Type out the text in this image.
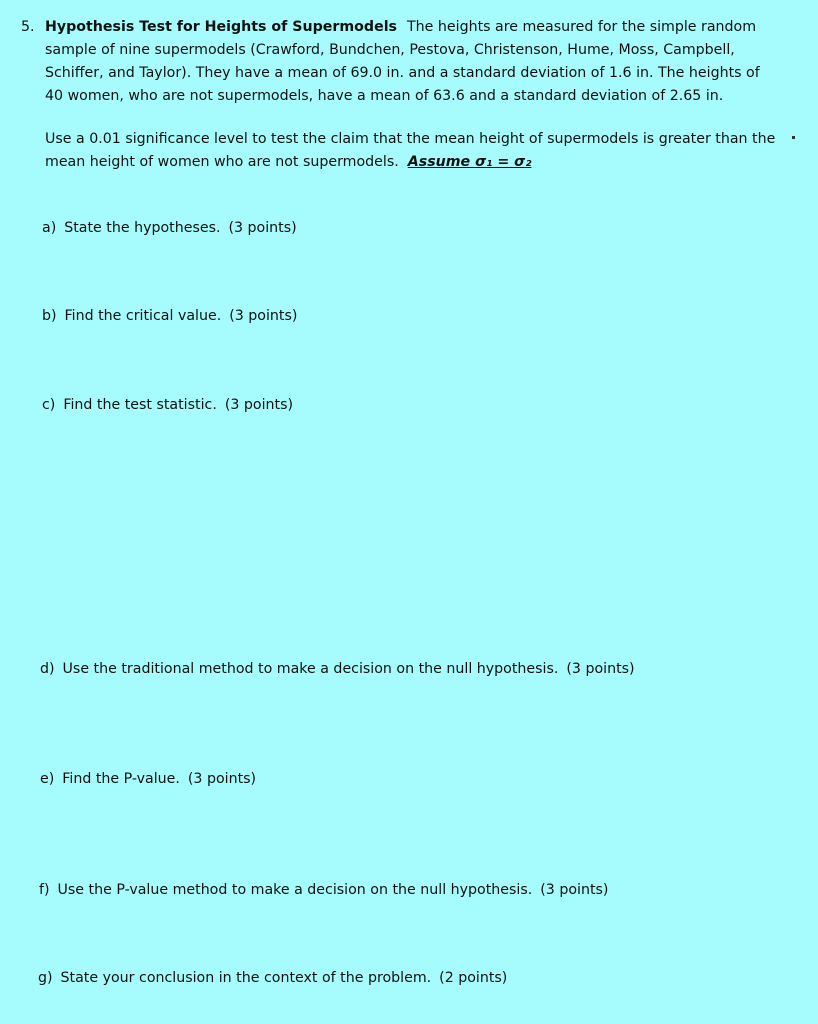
5. Hypothesis Test for Heights of Supermodels The heights are measured for the simple random
sample of nine supermodels (Crawford, Bundchen, Pestova, Christenson, Hume, Moss, Campbell,
Schiffer, and Taylor). They have a mean of 69.0 in. and a standard deviation of 1.6 in. The heights of
40 women, who are not supermodels, have a mean of 63.6 and a standard deviation of 2.65 in.
Use a 0.01 significance level to test the claim that the mean height of supermodels is greater than the
mean height of women who are not supermodels. Assume σ₁ = σ₂
a) State the hypotheses. (3 points)
b) Find the critical value. (3 points)
c) Find the test statistic. (3 points)
d) Use the traditional method to make a decision on the null hypothesis. (3 points)
e) Find the P-value. (3 points)
f) Use the P-value method to make a decision on the null hypothesis. (3 points)
g) State your conclusion in the context of the problem. (2 points)
